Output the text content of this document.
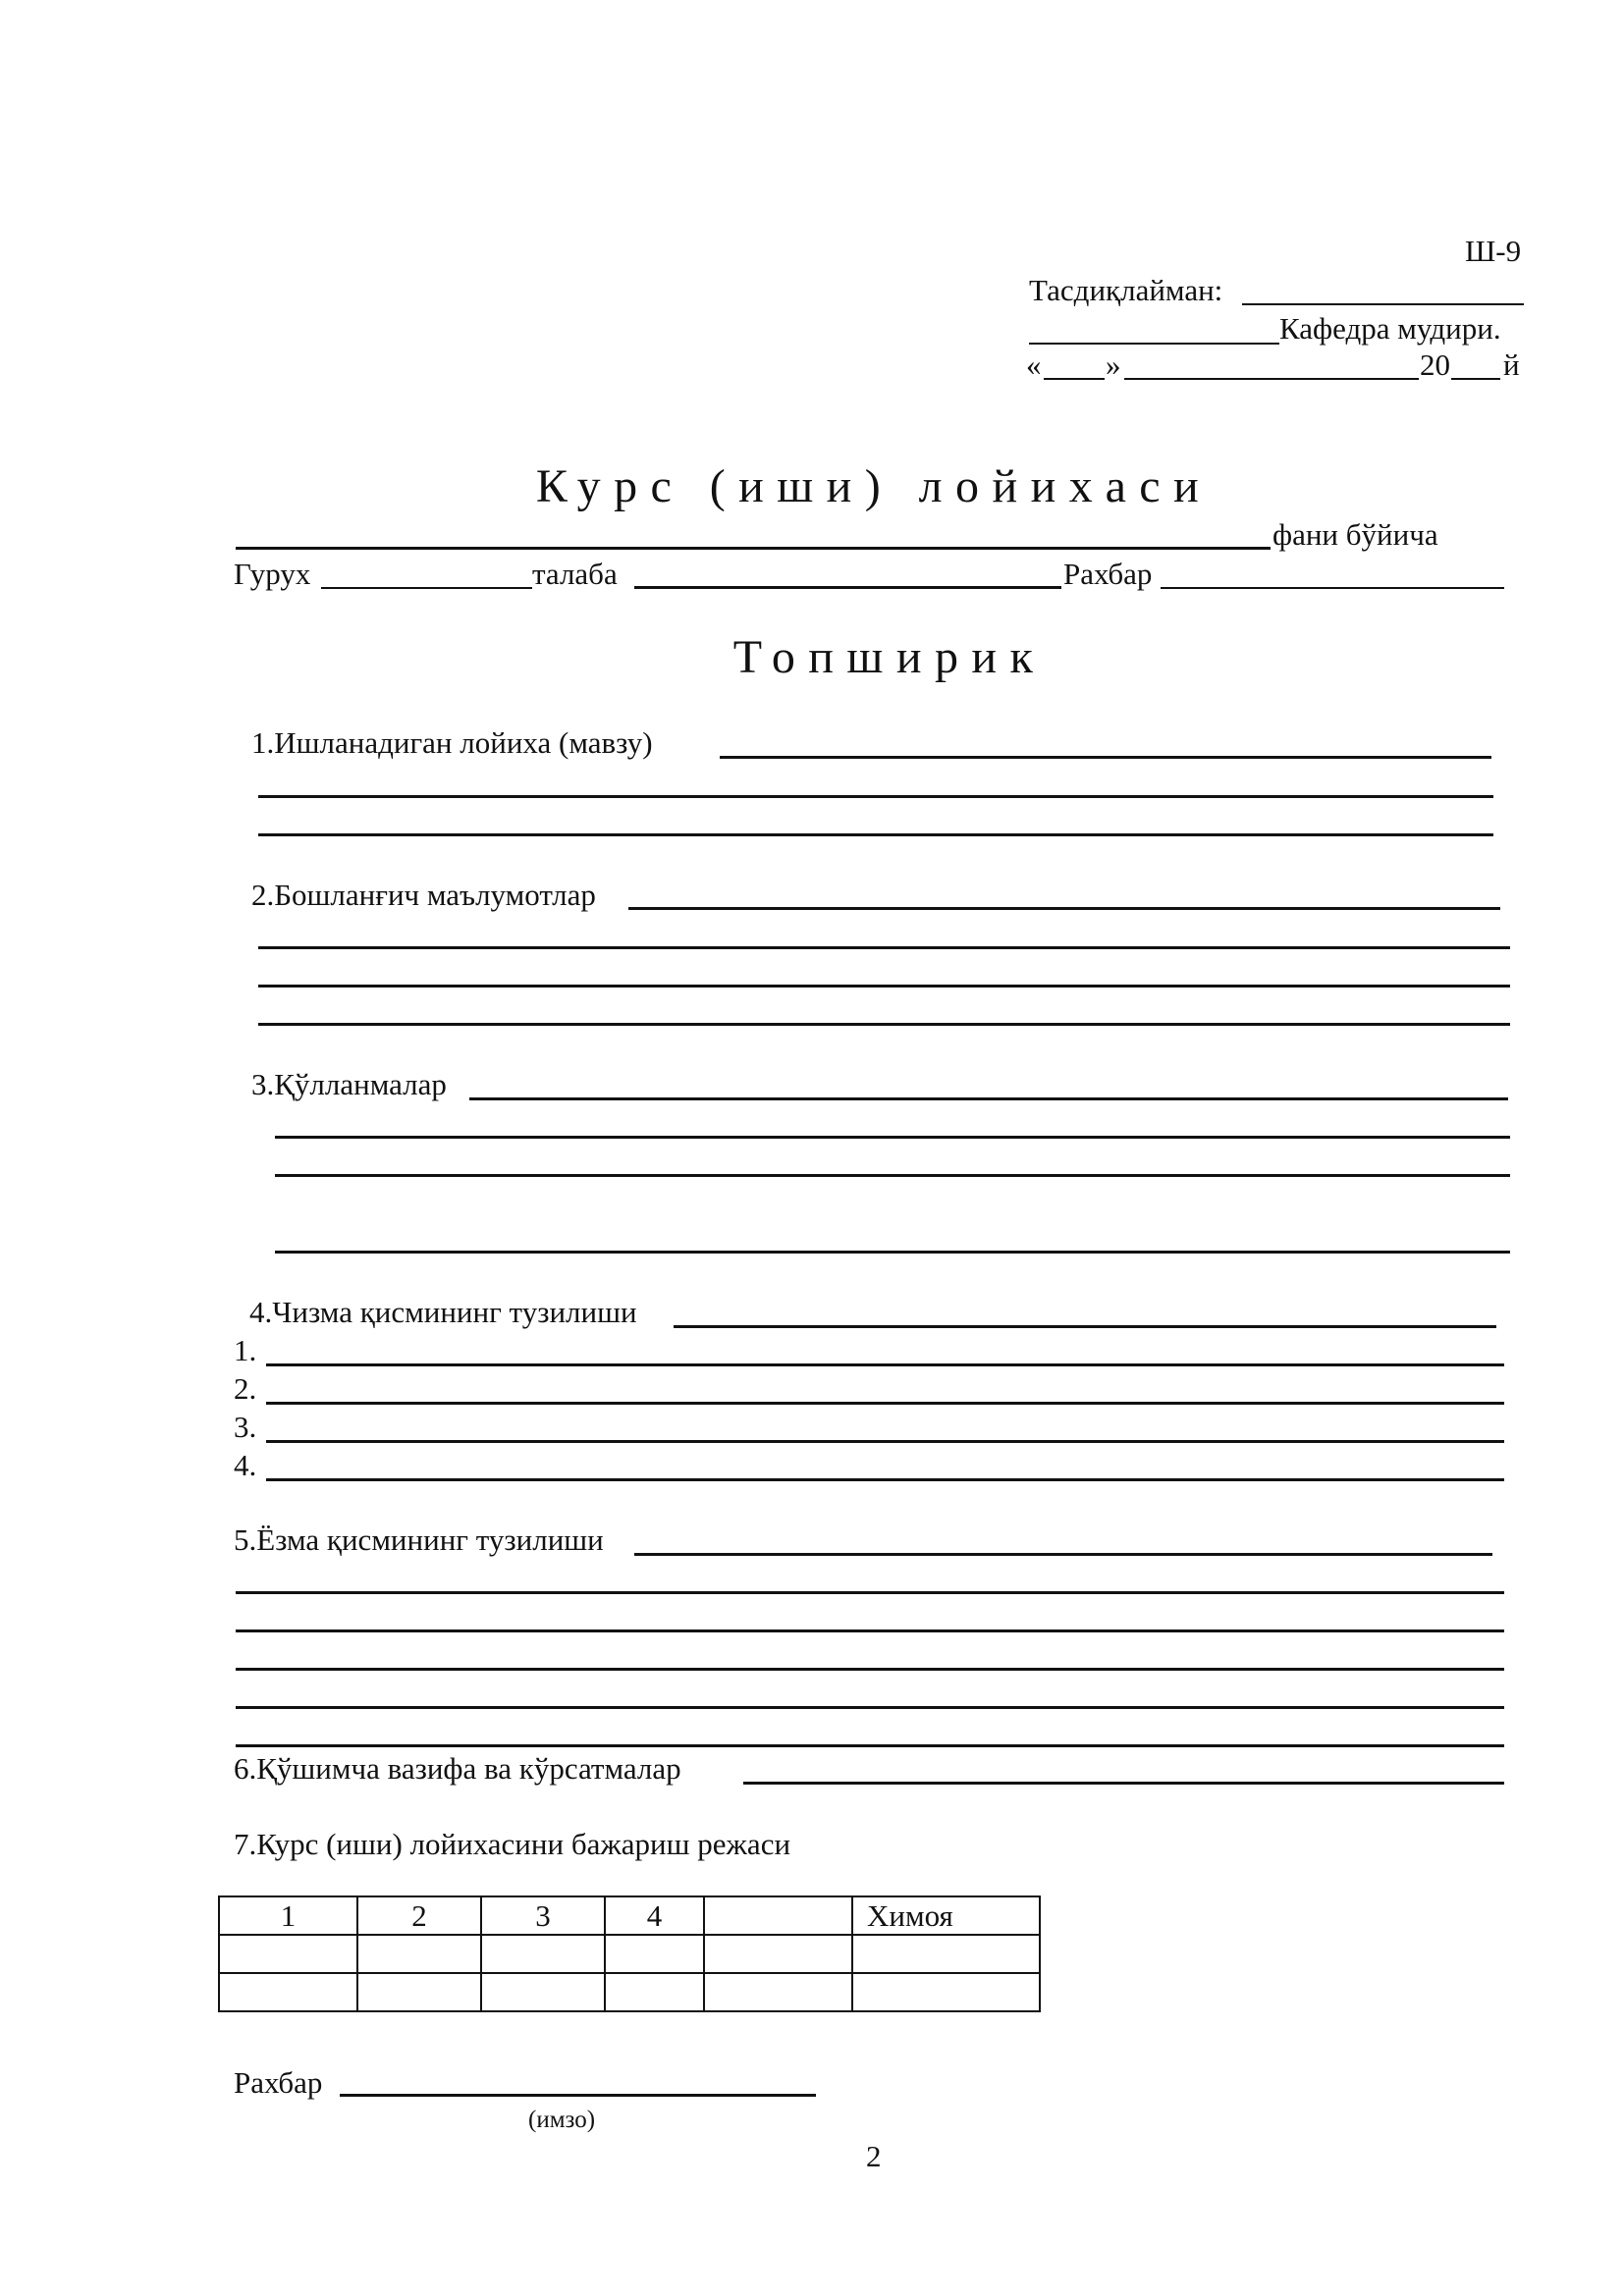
Ш-9
Тасдиқлайман:
Кафедра мудири.
« »	20 й
Курс (иши) лойихаси
фани бўйича
Гурух	талаба	Рахбар
Топширик
1.Ишланадиган лойиха (мавзу)
2.Бошланғич маълумотлар
3.Қўлланмалар
4.Чизма қисмининг тузилиши
1.
2.
3.
4.
5.Ёзма қисмининг тузилиши
6.Қўшимча вазифа ва кўрсатмалар
7.Курс (иши) лойихасини бажариш режаси
1	2	3	4		Химоя

Рахбар
(имзо)
2
